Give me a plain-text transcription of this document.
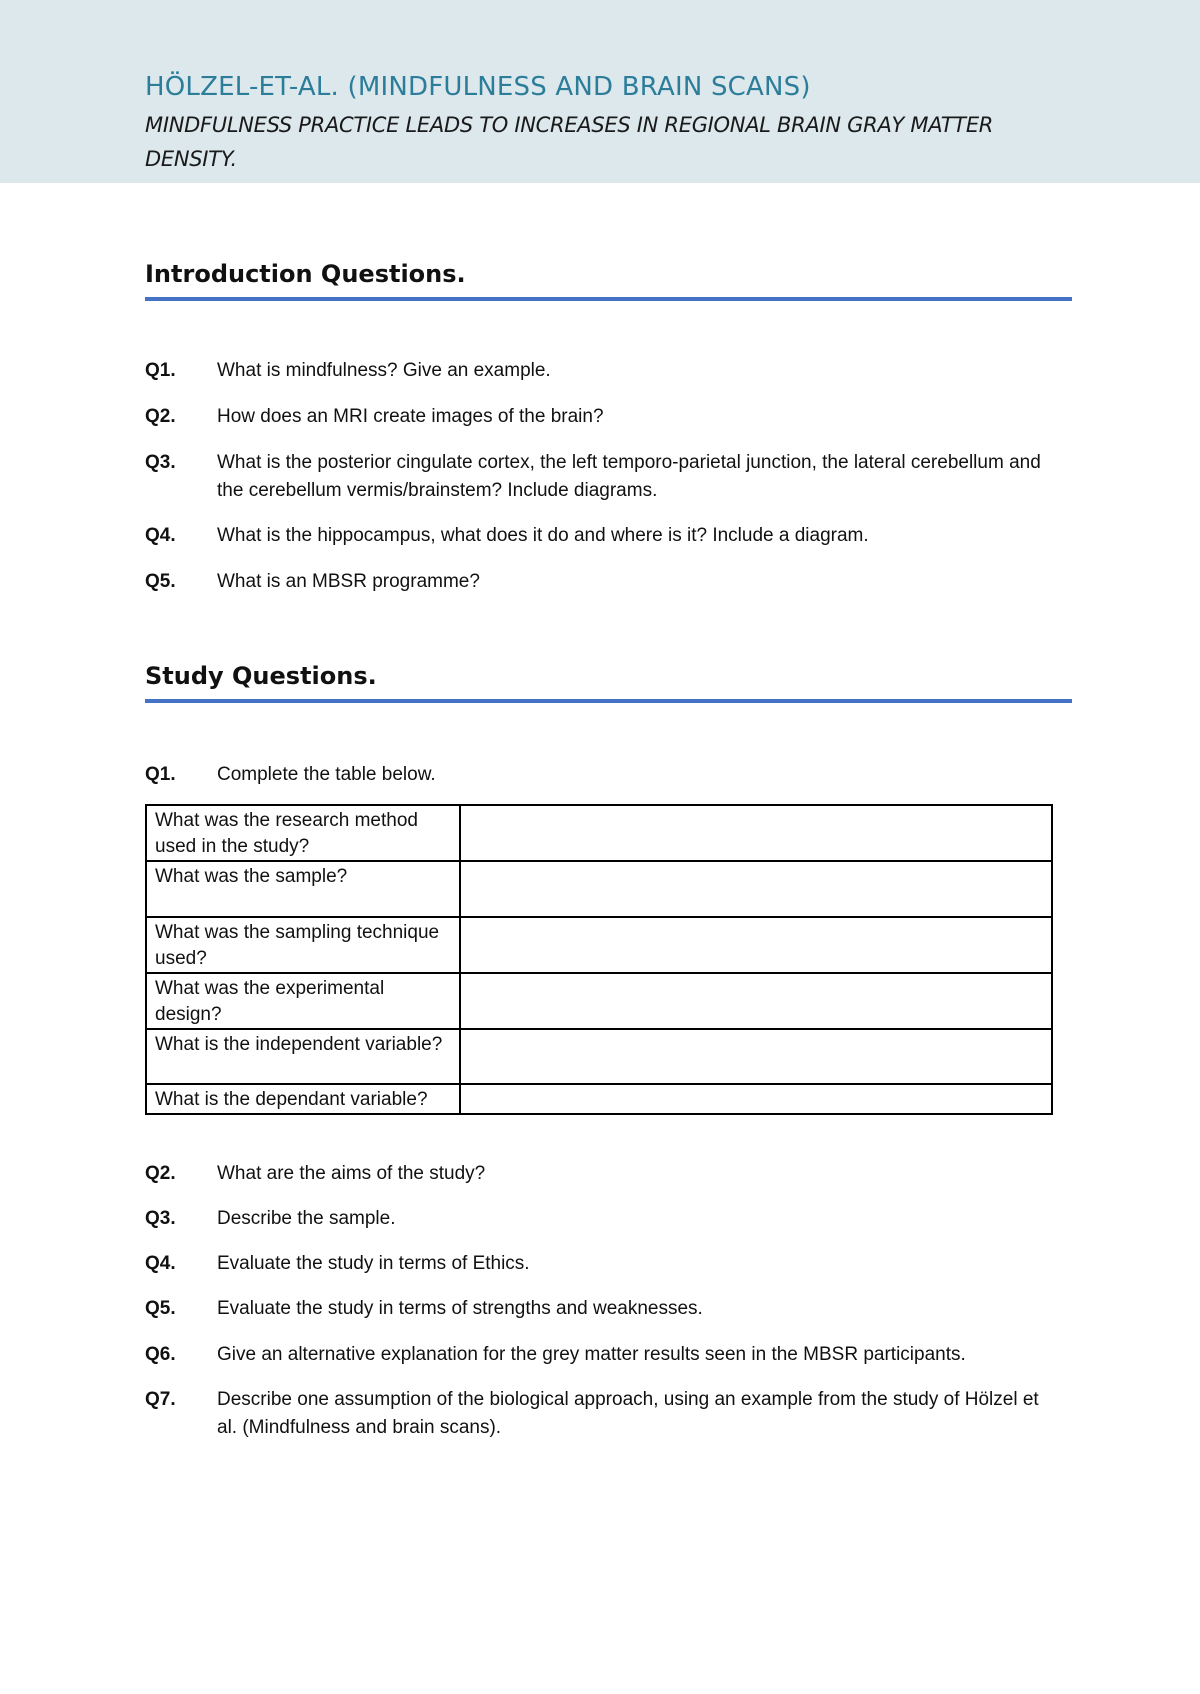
HÖLZEL-ET-AL. (MINDFULNESS AND BRAIN SCANS)

MINDFULNESS PRACTICE LEADS TO INCREASES IN REGIONAL BRAIN GRAY MATTER DENSITY.

Introduction Questions.
Q1. What is mindfulness? Give an example.
Q2. How does an MRI create images of the brain?
Q3. What is the posterior cingulate cortex, the left temporo-parietal junction, the lateral cerebellum and the cerebellum vermis/brainstem? Include diagrams.
Q4. What is the hippocampus, what does it do and where is it? Include a diagram.
Q5. What is an MBSR programme?
Study Questions.
Q1. Complete the table below.
What was the research method used in the study?	
What was the sample?	
What was the sampling technique used?	
What was the experimental design?	
What is the independent variable?	
What is the dependant variable?	
Q2. What are the aims of the study?
Q3. Describe the sample.
Q4. Evaluate the study in terms of Ethics.
Q5. Evaluate the study in terms of strengths and weaknesses.
Q6. Give an alternative explanation for the grey matter results seen in the MBSR participants.
Q7. Describe one assumption of the biological approach, using an example from the study of Hölzel et al. (Mindfulness and brain scans).
